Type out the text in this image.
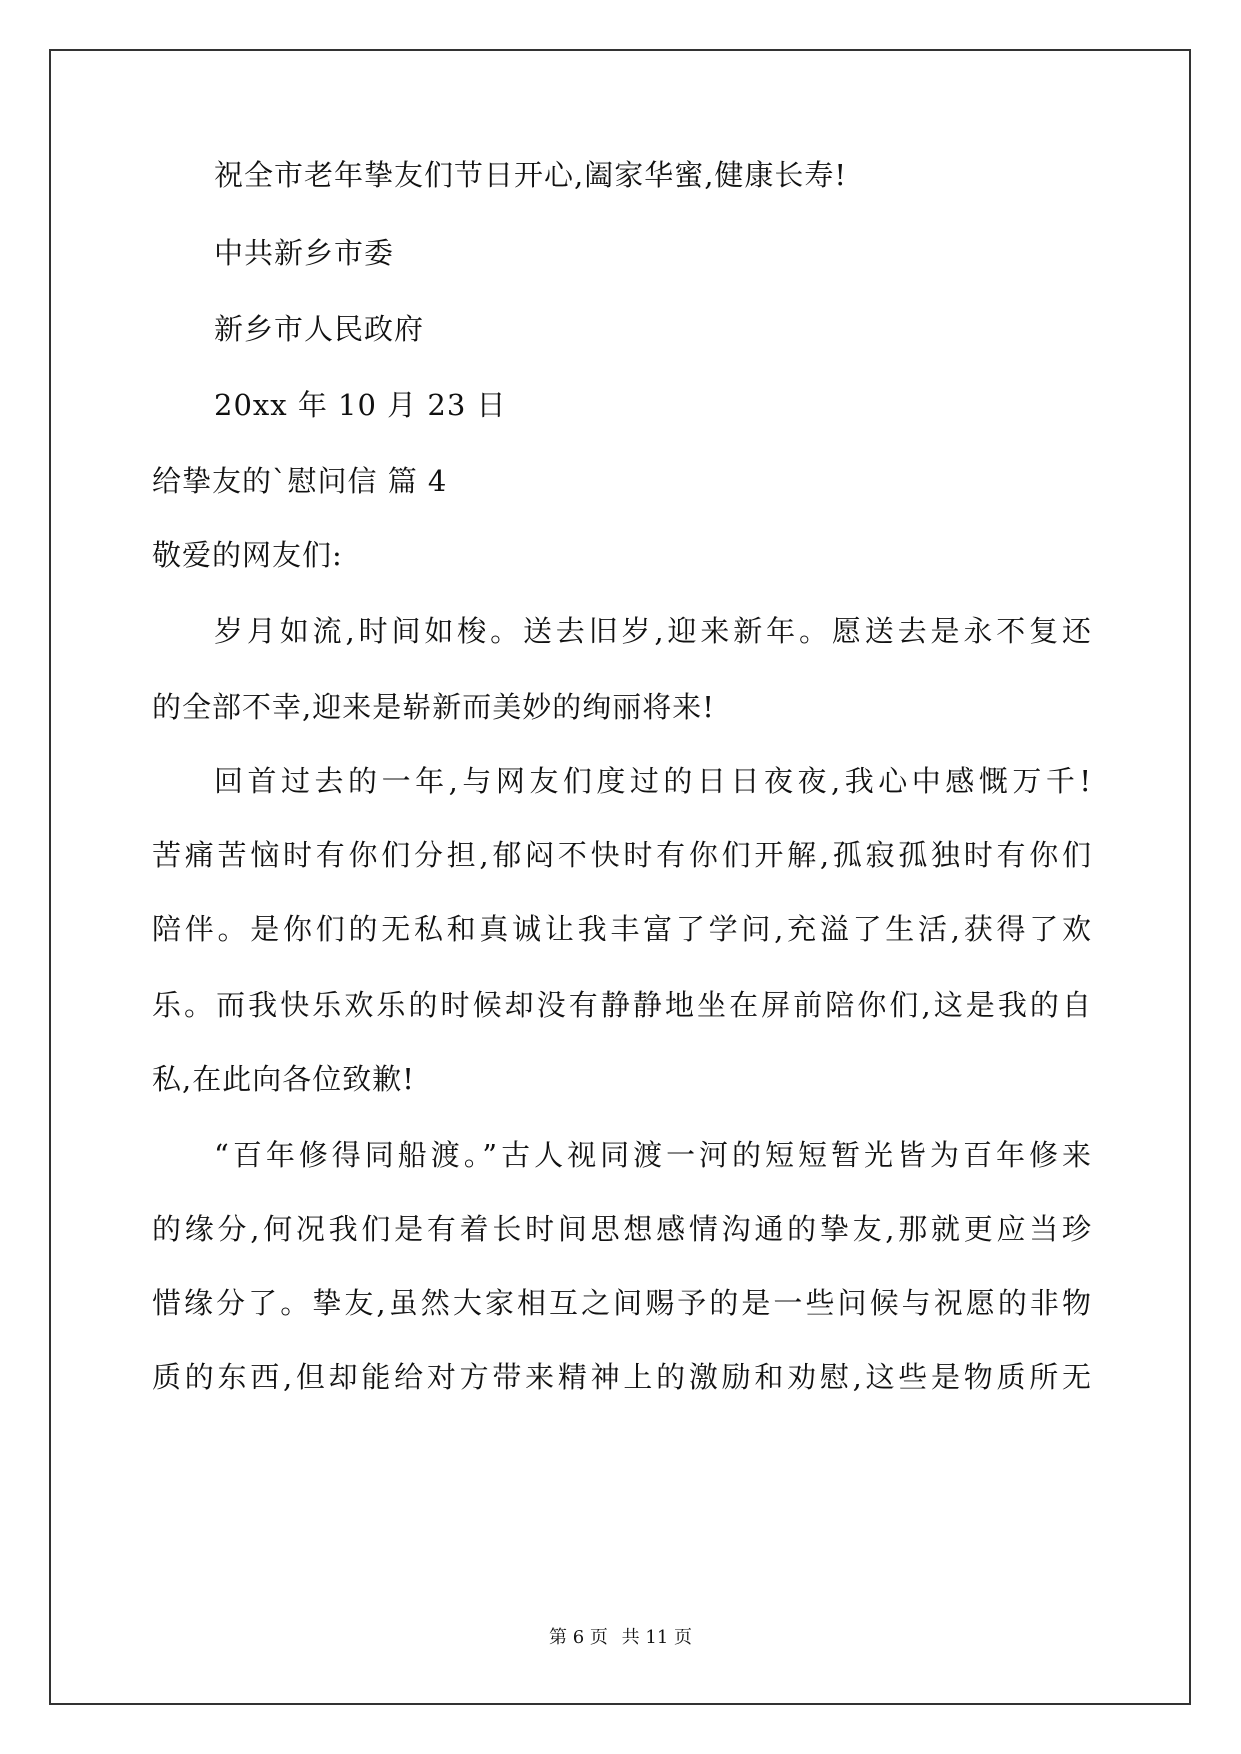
祝全市老年挚友们节日开心,阖家华蜜,健康长寿!
中共新乡市委
新乡市人民政府
20xx 年 10 月 23 日
给挚友的`慰问信 篇 4
敬爱的网友们:
岁月如流,时间如梭。送去旧岁,迎来新年。愿送去是永不复还
的全部不幸,迎来是崭新而美妙的绚丽将来!
回首过去的一年,与网友们度过的日日夜夜,我心中感慨万千!
苦痛苦恼时有你们分担,郁闷不快时有你们开解,孤寂孤独时有你们
陪伴。是你们的无私和真诚让我丰富了学问,充溢了生活,获得了欢
乐。而我快乐欢乐的时候却没有静静地坐在屏前陪你们,这是我的自
私,在此向各位致歉!
“百年修得同船渡。”古人视同渡一河的短短暂光皆为百年修来
的缘分,何况我们是有着长时间思想感情沟通的挚友,那就更应当珍
惜缘分了。挚友,虽然大家相互之间赐予的是一些问候与祝愿的非物
质的东西,但却能给对方带来精神上的激励和劝慰,这些是物质所无
第 6 页 共 11 页
